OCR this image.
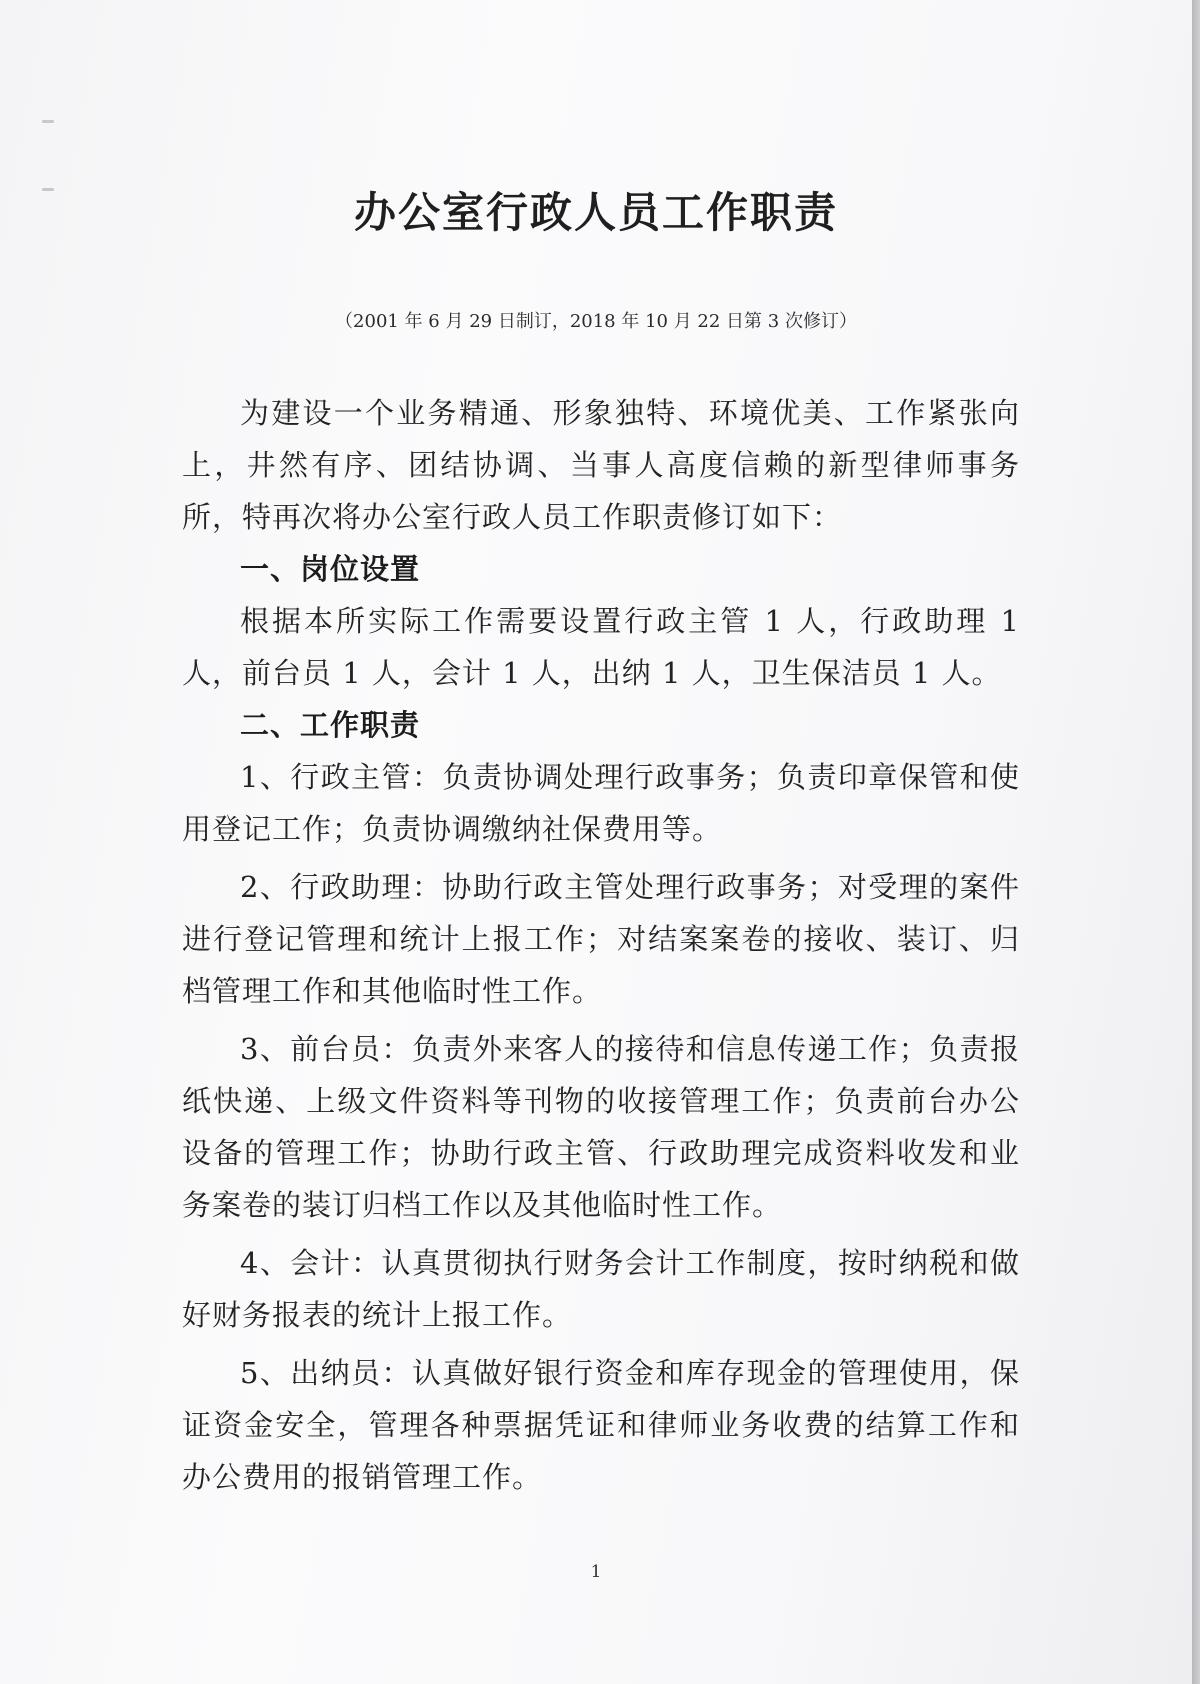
办公室行政人员工作职责
（2001 年 6 月 29 日制订，2018 年 10 月 22 日第 3 次修订）

为建设一个业务精通、形象独特、环境优美、工作紧张向上，井然有序、团结协调、当事人高度信赖的新型律师事务所，特再次将办公室行政人员工作职责修订如下：

一、岗位设置

根据本所实际工作需要设置行政主管 1 人，行政助理 1 人，前台员 1 人，会计 1 人，出纳 1 人，卫生保洁员 1 人。

二、工作职责

1、行政主管：负责协调处理行政事务；负责印章保管和使用登记工作；负责协调缴纳社保费用等。

2、行政助理：协助行政主管处理行政事务；对受理的案件进行登记管理和统计上报工作；对结案案卷的接收、装订、归档管理工作和其他临时性工作。

3、前台员：负责外来客人的接待和信息传递工作；负责报纸快递、上级文件资料等刊物的收接管理工作；负责前台办公设备的管理工作；协助行政主管、行政助理完成资料收发和业务案卷的装订归档工作以及其他临时性工作。

4、会计：认真贯彻执行财务会计工作制度，按时纳税和做好财务报表的统计上报工作。

5、出纳员：认真做好银行资金和库存现金的管理使用，保证资金安全，管理各种票据凭证和律师业务收费的结算工作和办公费用的报销管理工作。

1
